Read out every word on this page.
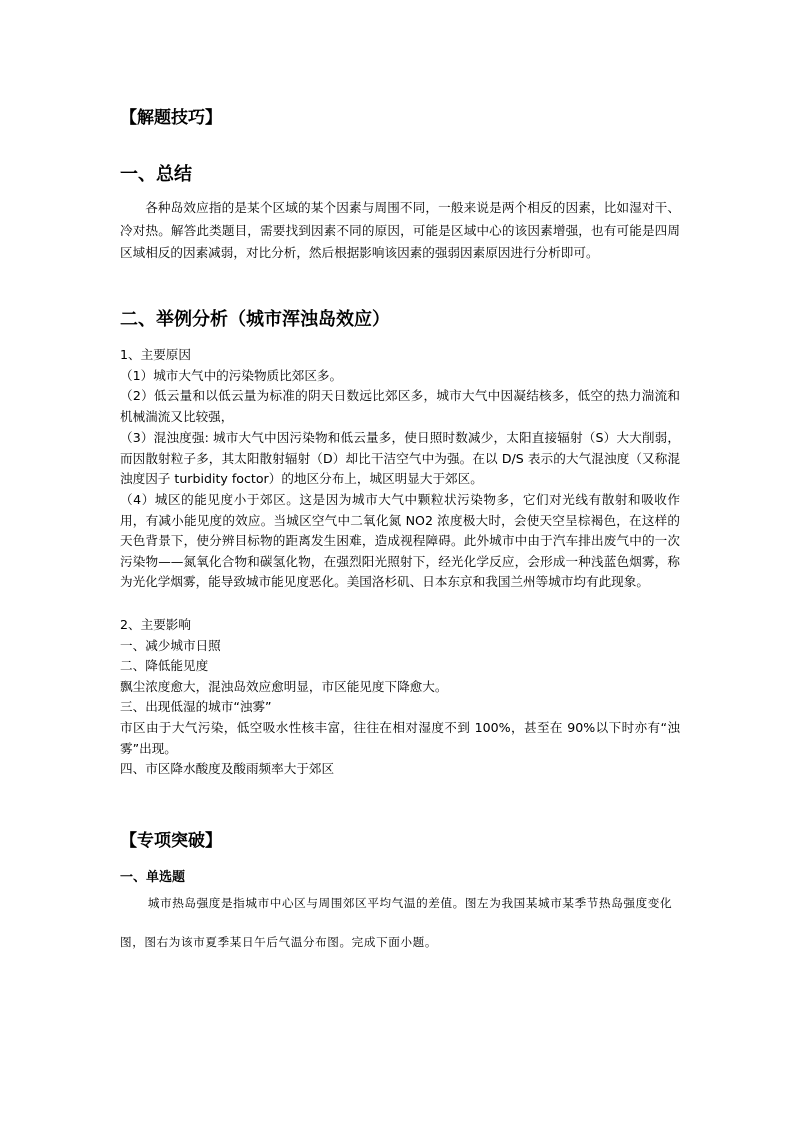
【解题技巧】
一、总结
各种岛效应指的是某个区域的某个因素与周围不同，一般来说是两个相反的因素，比如湿对干、冷对热。解答此类题目，需要找到因素不同的原因，可能是区域中心的该因素增强，也有可能是四周区域相反的因素减弱，对比分析，然后根据影响该因素的强弱因素原因进行分析即可。
二、举例分析（城市浑浊岛效应）
1、主要原因
（1）城市大气中的污染物质比郊区多。
（2）低云量和以低云量为标准的阴天日数远比郊区多，城市大气中因凝结核多，低空的热力湍流和机械湍流又比较强，
（3）混浊度强: 城市大气中因污染物和低云量多，使日照时数减少，太阳直接辐射（S）大大削弱，而因散射粒子多，其太阳散射辐射（D）却比干洁空气中为强。在以 D/S 表示的大气混浊度（又称混浊度因子 turbidity foctor）的地区分布上，城区明显大于郊区。
（4）城区的能见度小于郊区。这是因为城市大气中颗粒状污染物多，它们对光线有散射和吸收作用，有减小能见度的效应。当城区空气中二氧化氮 NO2 浓度极大时，会使天空呈棕褐色，在这样的天色背景下，使分辨目标物的距离发生困难，造成视程障碍。此外城市中由于汽车排出废气中的一次污染物——氮氧化合物和碳氢化物，在强烈阳光照射下，经光化学反应，会形成一种浅蓝色烟雾，称为光化学烟雾，能导致城市能见度恶化。美国洛杉矶、日本东京和我国兰州等城市均有此现象。
2、主要影响
一、减少城市日照
二、降低能见度
飘尘浓度愈大，混浊岛效应愈明显，市区能见度下降愈大。
三、出现低湿的城市“浊雾”
市区由于大气污染，低空吸水性核丰富，往往在相对湿度不到 100%，甚至在 90%以下时亦有“浊雾”出现。
四、市区降水酸度及酸雨频率大于郊区
【专项突破】
一、单选题
城市热岛强度是指城市中心区与周围郊区平均气温的差值。图左为我国某城市某季节热岛强度变化图，图右为该市夏季某日午后气温分布图。完成下面小题。
